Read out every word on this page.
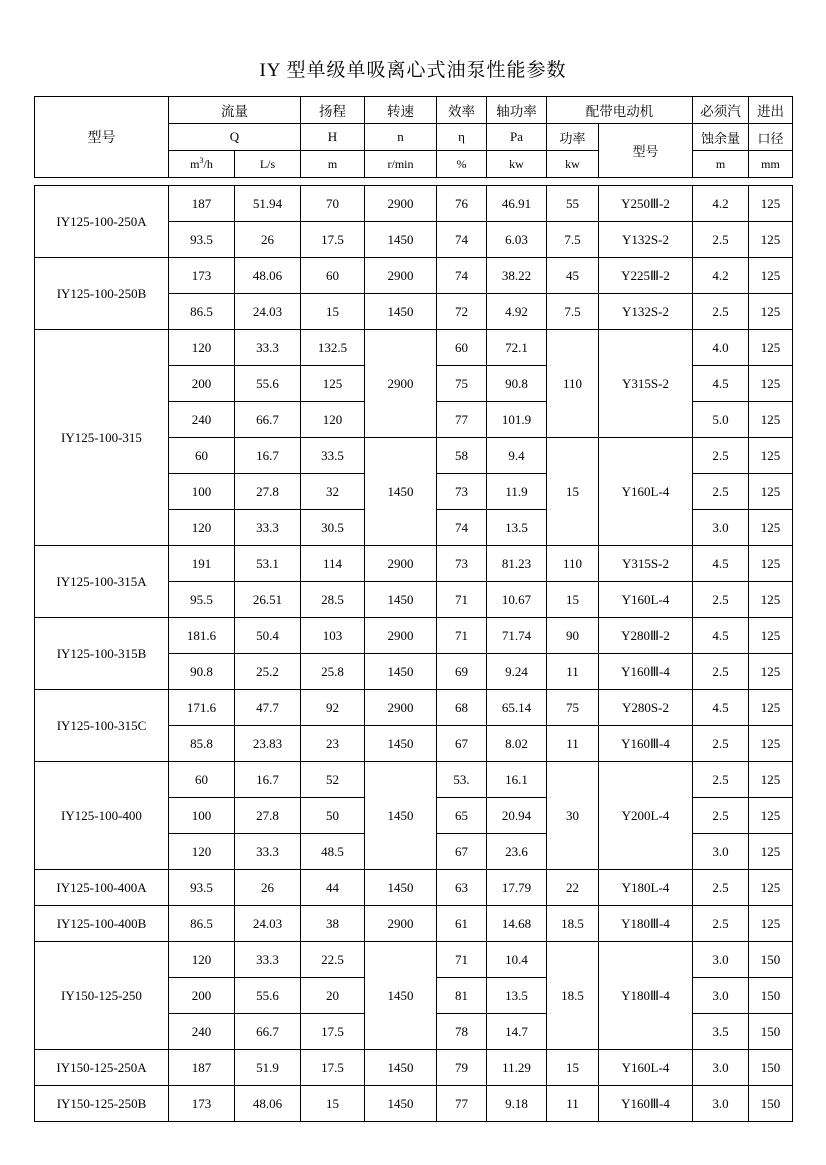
IY 型单级单吸离心式油泵性能参数
型号	流量		扬程	转速	效率	轴功率	配带电动机		必须汽	进出
	Q		H	n	η	Pa	功率	型号	蚀余量	口径
	$m^3/h$	L/s	m	r/min	%	kw	kw		m	mm
IY125-100-250A	187	51.94	70	2900	76	46.91	55	Y250Ⅲ-2	4.2	125
	93.5	26	17.5	1450	74	6.03	7.5	Y132S-2	2.5	125
IY125-100-250B	173	48.06	60	2900	74	38.22	45	Y225Ⅲ-2	4.2	125
	86.5	24.03	15	1450	72	4.92	7.5	Y132S-2	2.5	125
IY125-100-315	120	33.3	132.5	2900	60	72.1	110	Y315S-2	4.0	125
	200	55.6	125		75	90.8			4.5	125
	240	66.7	120		77	101.9			5.0	125
	60	16.7	33.5	1450	58	9.4	15	Y160L-4	2.5	125
	100	27.8	32		73	11.9			2.5	125
	120	33.3	30.5		74	13.5			3.0	125
IY125-100-315A	191	53.1	114	2900	73	81.23	110	Y315S-2	4.5	125
	95.5	26.51	28.5	1450	71	10.67	15	Y160L-4	2.5	125
IY125-100-315B	181.6	50.4	103	2900	71	71.74	90	Y280Ⅲ-2	4.5	125
	90.8	25.2	25.8	1450	69	9.24	11	Y160Ⅲ-4	2.5	125
IY125-100-315C	171.6	47.7	92	2900	68	65.14	75	Y280S-2	4.5	125
	85.8	23.83	23	1450	67	8.02	11	Y160Ⅲ-4	2.5	125
IY125-100-400	60	16.7	52	1450	53.	16.1	30	Y200L-4	2.5	125
	100	27.8	50		65	20.94			2.5	125
	120	33.3	48.5		67	23.6			3.0	125
IY125-100-400A	93.5	26	44	1450	63	17.79	22	Y180L-4	2.5	125
IY125-100-400B	86.5	24.03	38	2900	61	14.68	18.5	Y180Ⅲ-4	2.5	125
IY150-125-250	120	33.3	22.5	1450	71	10.4	18.5	Y180Ⅲ-4	3.0	150
	200	55.6	20		81	13.5			3.0	150
	240	66.7	17.5		78	14.7			3.5	150
IY150-125-250A	187	51.9	17.5	1450	79	11.29	15	Y160L-4	3.0	150
IY150-125-250B	173	48.06	15	1450	77	9.18	11	Y160Ⅲ-4	3.0	150
